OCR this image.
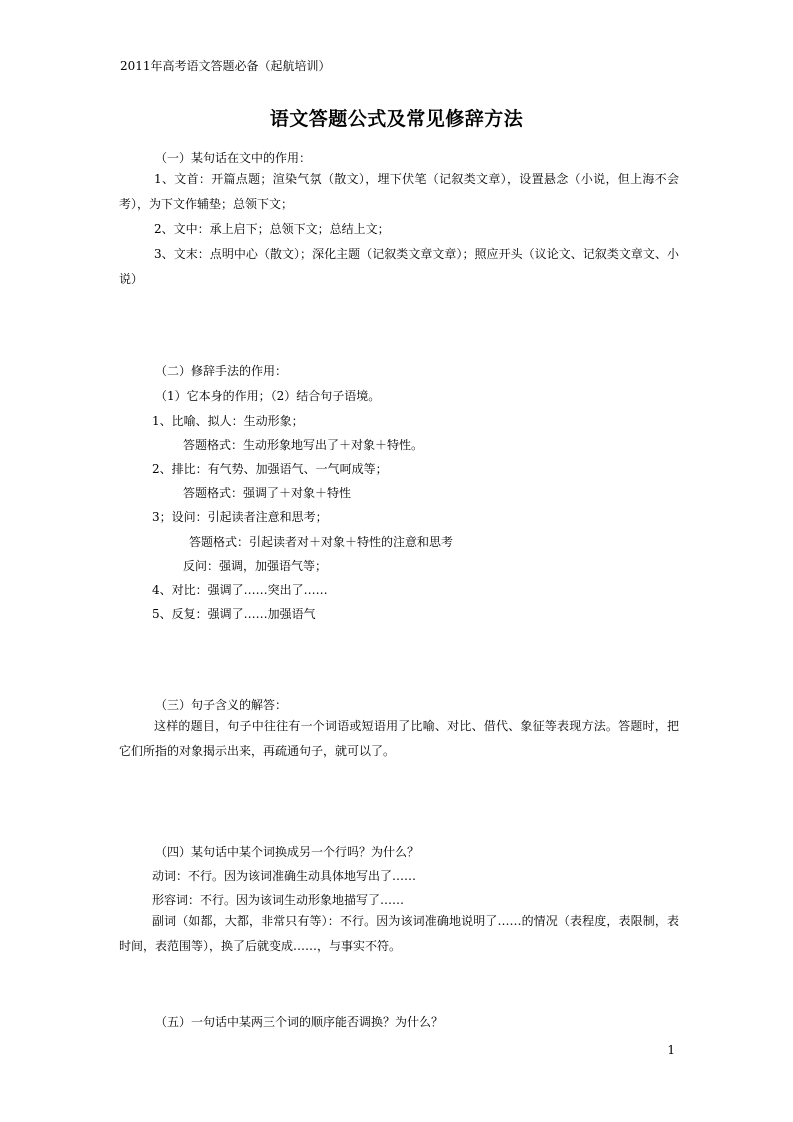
2011年高考语文答题必备（起航培训）
语文答题公式及常见修辞方法
（一）某句话在文中的作用：

1、文首：开篇点题；渲染气氛（散文），埋下伏笔（记叙类文章），设置悬念（小说，但上海不会考），为下文作辅垫；总领下文；

2、文中：承上启下；总领下文；总结上文；

3、文末：点明中心（散文）；深化主题（记叙类文章文章）；照应开头（议论文、记叙类文章文、小说）

（二）修辞手法的作用：
（1）它本身的作用；（2）结合句子语境。
1、比喻、拟人：生动形象；
答题格式：生动形象地写出了＋对象＋特性。
2、排比：有气势、加强语气、一气呵成等；
答题格式：强调了＋对象＋特性
3；设问：引起读者注意和思考；
答题格式：引起读者对＋对象＋特性的注意和思考
反问：强调，加强语气等；
4、对比：强调了……突出了……
5、反复：强调了……加强语气
（三）句子含义的解答：

这样的题目，句子中往往有一个词语或短语用了比喻、对比、借代、象征等表现方法。答题时，把它们所指的对象揭示出来，再疏通句子，就可以了。

（四）某句话中某个词换成另一个行吗？为什么？
动词：不行。因为该词准确生动具体地写出了……
形容词：不行。因为该词生动形象地描写了……

副词（如都，大都，非常只有等）：不行。因为该词准确地说明了……的情况（表程度，表限制，表时间，表范围等），换了后就变成……，与事实不符。

（五）一句话中某两三个词的顺序能否调换？为什么？
1
